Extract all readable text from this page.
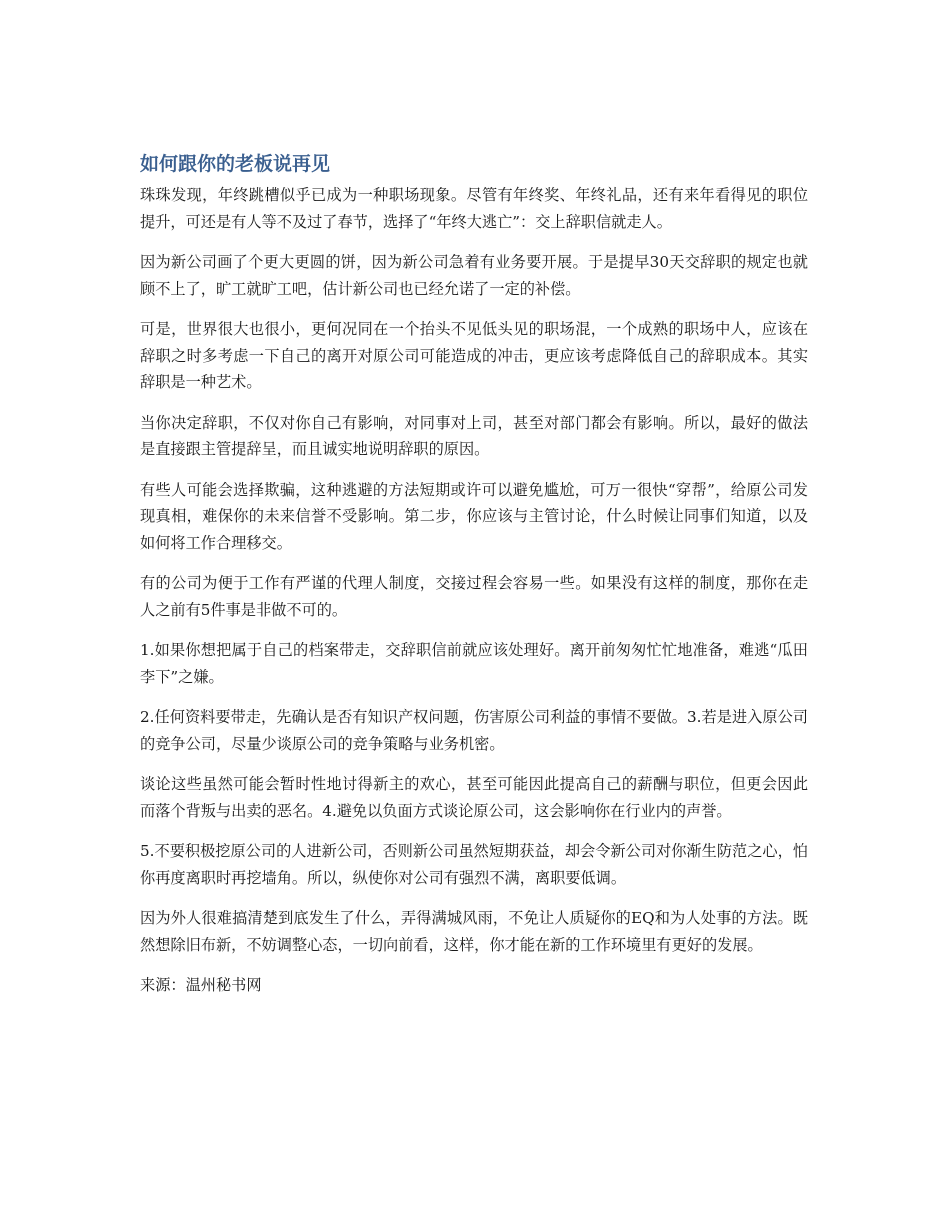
如何跟你的老板说再见

珠珠发现，年终跳槽似乎已成为一种职场现象。尽管有年终奖、年终礼品，还有来年看得见的职位提升，可还是有人等不及过了春节，选择了“年终大逃亡”：交上辞职信就走人。

因为新公司画了个更大更圆的饼，因为新公司急着有业务要开展。于是提早30天交辞职的规定也就顾不上了，旷工就旷工吧，估计新公司也已经允诺了一定的补偿。

可是，世界很大也很小，更何况同在一个抬头不见低头见的职场混，一个成熟的职场中人，应该在辞职之时多考虑一下自己的离开对原公司可能造成的冲击，更应该考虑降低自己的辞职成本。其实辞职是一种艺术。

当你决定辞职，不仅对你自己有影响，对同事对上司，甚至对部门都会有影响。所以，最好的做法是直接跟主管提辞呈，而且诚实地说明辞职的原因。

有些人可能会选择欺骗，这种逃避的方法短期或许可以避免尴尬，可万一很快“穿帮”，给原公司发现真相，难保你的未来信誉不受影响。第二步，你应该与主管讨论，什么时候让同事们知道，以及如何将工作合理移交。

有的公司为便于工作有严谨的代理人制度，交接过程会容易一些。如果没有这样的制度，那你在走人之前有5件事是非做不可的。

1.如果你想把属于自己的档案带走，交辞职信前就应该处理好。离开前匆匆忙忙地准备，难逃“瓜田李下”之嫌。

2.任何资料要带走，先确认是否有知识产权问题，伤害原公司利益的事情不要做。3.若是进入原公司的竞争公司，尽量少谈原公司的竞争策略与业务机密。

谈论这些虽然可能会暂时性地讨得新主的欢心，甚至可能因此提高自己的薪酬与职位，但更会因此而落个背叛与出卖的恶名。4.避免以负面方式谈论原公司，这会影响你在行业内的声誉。

5.不要积极挖原公司的人进新公司，否则新公司虽然短期获益，却会令新公司对你渐生防范之心，怕你再度离职时再挖墙角。所以，纵使你对公司有强烈不满，离职要低调。

因为外人很难搞清楚到底发生了什么，弄得满城风雨，不免让人质疑你的EQ和为人处事的方法。既然想除旧布新，不妨调整心态，一切向前看，这样，你才能在新的工作环境里有更好的发展。

来源：温州秘书网
